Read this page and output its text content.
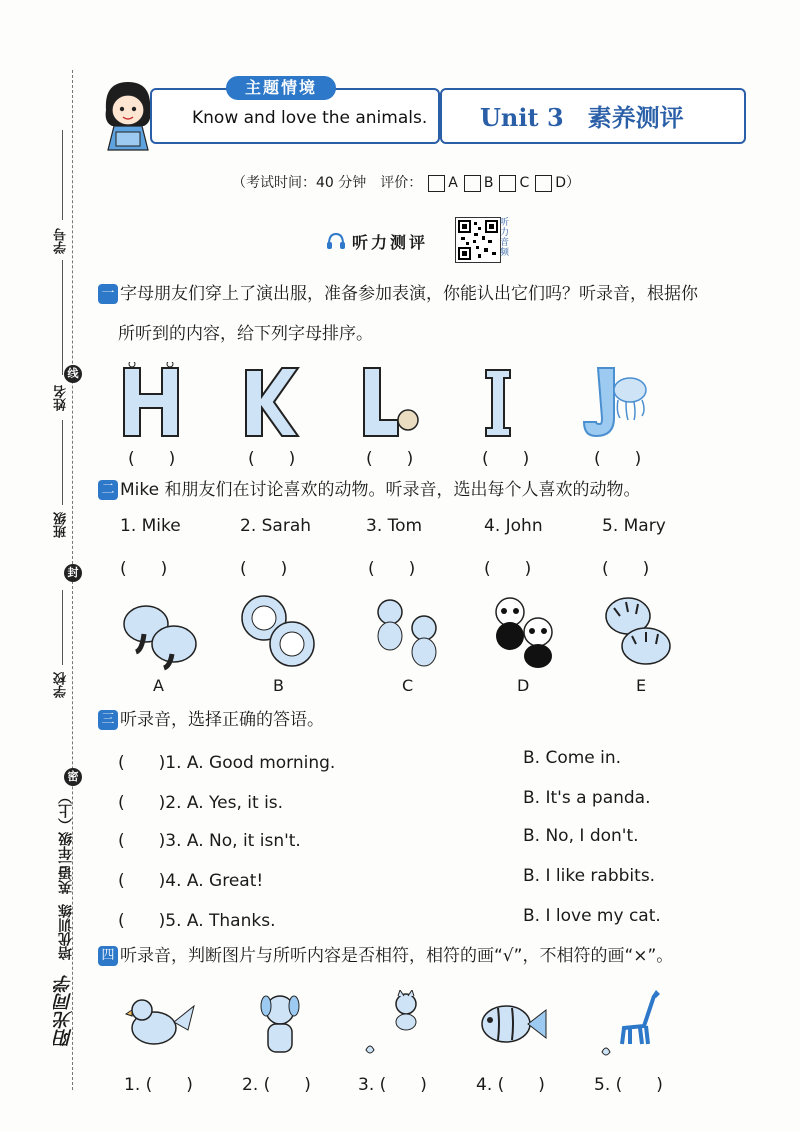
学号
姓名
线
班级
封
学校
密
三年级（上）
英语
培优训练
阳光同学
主题情境
Know and love the animals. Unit 3　素养测评
（考试时间：40 分钟　评价： A B C D）
听力测评
听力音频
一 字母朋友们穿上了演出服，准备参加表演，你能认出它们吗？听录音，根据你
所听到的内容，给下列字母排序。
(　　)	(　　)	(　　)	(　　)	(　　)
二 Mike 和朋友们在讨论喜欢的动物。听录音，选出每个人喜欢的动物。
1. Mike	2. Sarah	3. Tom	4. John	5. Mary
(　　)	(　　)	(　　)	(　　)	(　　)
A	B	C	D	E
三 听录音，选择正确的答语。
(　　)1. A. Good morning.	B. Come in.
(　　)2. A. Yes, it is.	B. It's a panda.
(　　)3. A. No, it isn't.	B. No, I don't.
(　　)4. A. Great!	B. I like rabbits.
(　　)5. A. Thanks.	B. I love my cat.
四 听录音，判断图片与所听内容是否相符，相符的画“√”，不相符的画“×”。
1. (　　)	2. (　　)	3. (　　)	4. (　　)	5. (　　)
